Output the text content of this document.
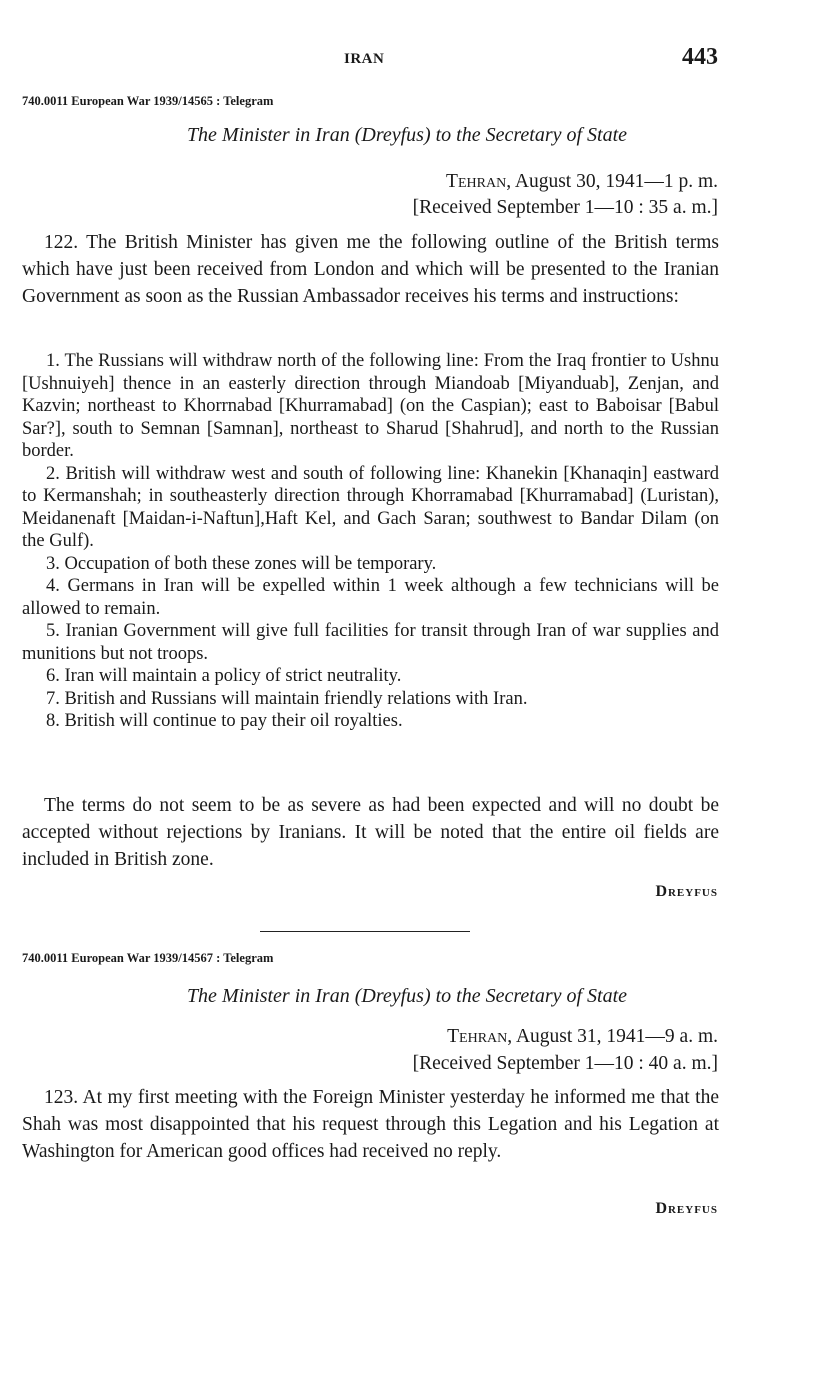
IRAN	443
740.0011 European War 1939/14565 : Telegram
The Minister in Iran (Dreyfus) to the Secretary of State
Tehran, August 30, 1941—1 p. m.
[Received September 1—10 : 35 a. m.]
122. The British Minister has given me the following outline of the British terms which have just been received from London and which will be presented to the Iranian Government as soon as the Russian Ambassador receives his terms and instructions:

1. The Russians will withdraw north of the following line: From the Iraq frontier to Ushnu [Ushnuiyeh] thence in an easterly direction through Miandoab [Miyanduab], Zenjan, and Kazvin; northeast to Khorrnabad [Khurramabad] (on the Caspian); east to Baboisar [Babul Sar?], south to Semnan [Samnan], northeast to Sharud [Shahrud], and north to the Russian border.

2. British will withdraw west and south of following line: Khanekin [Khanaqin] eastward to Kermanshah; in southeasterly direction through Khorramabad [Khurramabad] (Luristan), Meidanenaft [Maidan-i-Naftun],Haft Kel, and Gach Saran; southwest to Bandar Dilam (on the Gulf).

3. Occupation of both these zones will be temporary.

4. Germans in Iran will be expelled within 1 week although a few technicians will be allowed to remain.

5. Iranian Government will give full facilities for transit through Iran of war supplies and munitions but not troops.

6. Iran will maintain a policy of strict neutrality.

7. British and Russians will maintain friendly relations with Iran.

8. British will continue to pay their oil royalties.

The terms do not seem to be as severe as had been expected and will no doubt be accepted without rejections by Iranians. It will be noted that the entire oil fields are included in British zone.
Dreyfus
740.0011 European War 1939/14567 : Telegram
The Minister in Iran (Dreyfus) to the Secretary of State
Tehran, August 31, 1941—9 a. m.
[Received September 1—10 : 40 a. m.]
123. At my first meeting with the Foreign Minister yesterday he informed me that the Shah was most disappointed that his request through this Legation and his Legation at Washington for American good offices had received no reply.
Dreyfus
